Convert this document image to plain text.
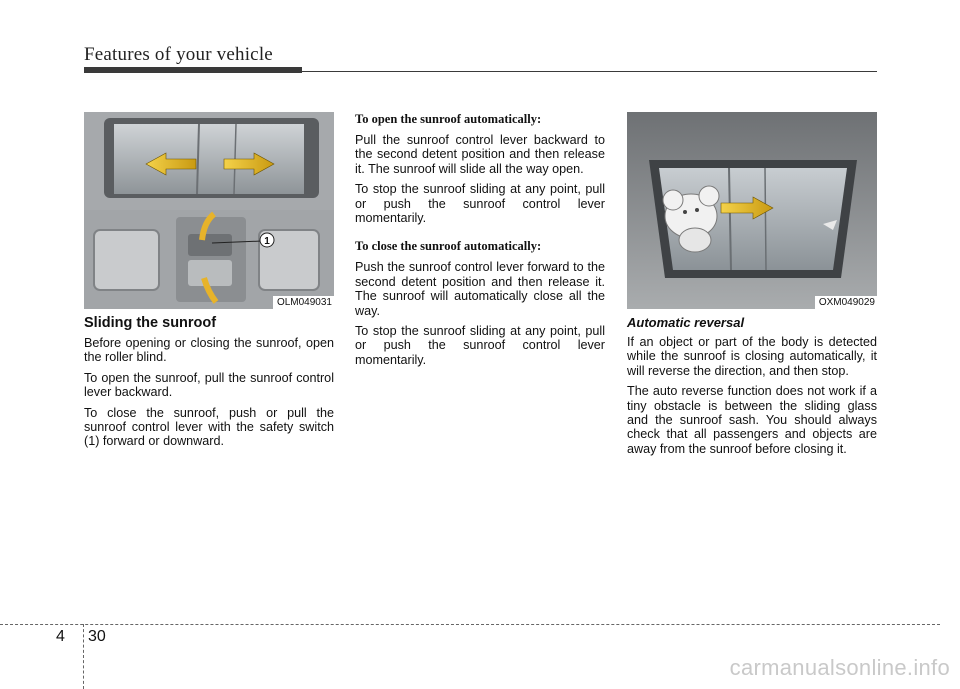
Features of your vehicle
1
OLM049031
Sliding the sunroof

Before opening or closing the sunroof, open the roller blind.

To open the sunroof, pull the sunroof control lever backward.

To close the sunroof, push or pull the sunroof control lever with the safety switch (1) forward or downward.

To open the sunroof automatically:

Pull the sunroof control lever backward to the second detent position and then release it. The sunroof will slide all the way open.

To stop the sunroof sliding at any point, pull or push the sunroof control lever momentarily.

To close the sunroof automatically:

Push the sunroof control lever forward to the second detent position and then release it. The sunroof will automatically close all the way.

To stop the sunroof sliding at any point, pull or push the sunroof control lever momentarily.

OXM049029
Automatic reversal

If an object or part of the body is detected while the sunroof is closing automatically, it will reverse the direction, and then stop.

The auto reverse function does not work if a tiny obstacle is between the sliding glass and the sunroof sash. You should always check that all passengers and objects are away from the sunroof before closing it.

4 30
carmanualsonline.info
